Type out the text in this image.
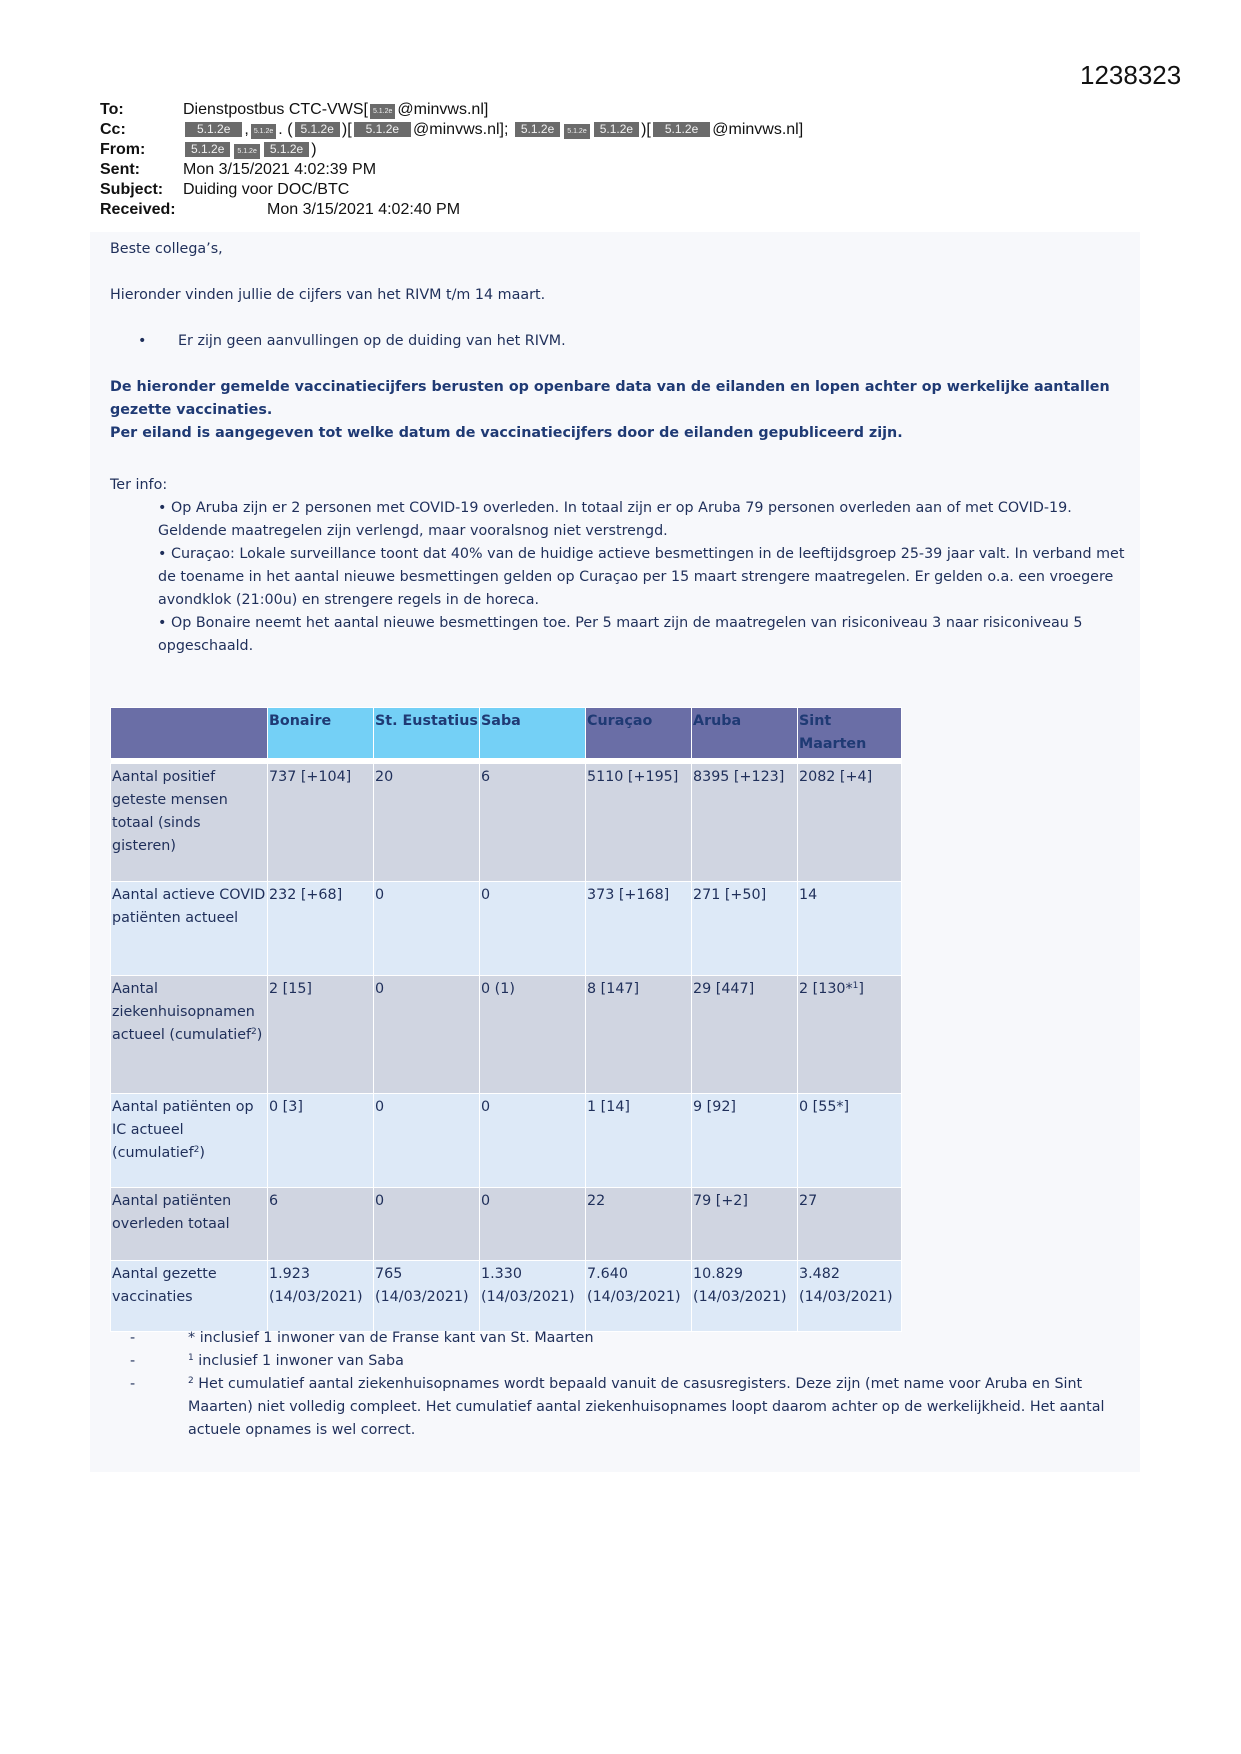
1238323
To:	Dienstpostbus CTC-VWS[ 5.1.2e @minvws.nl]
Cc:	5.1.2e , 5.1.2e . ( 5.1.2e )[ 5.1.2e @minvws.nl]; 5.1.2e 5.1.2e 5.1.2e )[ 5.1.2e @minvws.nl]
From:	5.1.2e 5.1.2e 5.1.2e )
Sent:	Mon 3/15/2021 4:02:39 PM
Subject: Duiding voor DOC/BTC
Received:	Mon 3/15/2021 4:02:40 PM

Beste collega’s,

Hieronder vinden jullie de cijfers van het RIVM t/m 14 maart.

• Er zijn geen aanvullingen op de duiding van het RIVM.

De hieronder gemelde vaccinatiecijfers berusten op openbare data van de eilanden en lopen achter op werkelijke aantallen

gezette vaccinaties.

Per eiland is aangegeven tot welke datum de vaccinatiecijfers door de eilanden gepubliceerd zijn.

Ter info:

• Op Aruba zijn er 2 personen met COVID-19 overleden. In totaal zijn er op Aruba 79 personen overleden aan of met COVID-19. Geldende maatregelen zijn verlengd, maar vooralsnog niet verstrengd.
• Curaçao: Lokale surveillance toont dat 40% van de huidige actieve besmettingen in de leeftijdsgroep 25-39 jaar valt. In verband met de toename in het aantal nieuwe besmettingen gelden op Curaçao per 15 maart strengere maatregelen. Er gelden o.a. een vroegere avondklok (21:00u) en strengere regels in de horeca.
• Op Bonaire neemt het aantal nieuwe besmettingen toe. Per 5 maart zijn de maatregelen van risiconiveau 3 naar risiconiveau 5 opgeschaald.
	Bonaire	St. Eustatius	Saba	Curaçao	Aruba	Sint Maarten

Aantal positief geteste mensen totaal (sinds gisteren)	737 [+104]	20	6	5110 [+195]	8395 [+123]	2082 [+4]
Aantal actieve COVID patiënten actueel	232 [+68]	0	0	373 [+168]	271 [+50]	14
Aantal ziekenhuisopnamen actueel (cumulatief$^2$)	2 [15]	0	0 (1)	8 [147]	29 [447]	2 [130*$^1$]
Aantal patiënten op IC actueel (cumulatief$^2$)	0 [3]	0	0	1 [14]	9 [92]	0 [55*]
Aantal patiënten overleden totaal	6	0	0	22	79 [+2]	27
Aantal gezette vaccinaties	1.923 (14/03/2021)	765 (14/03/2021)	1.330 (14/03/2021)	7.640 (14/03/2021)	10.829 (14/03/2021)	3.482 (14/03/2021)
-	* inclusief 1 inwoner van de Franse kant van St. Maarten
-	$^1$ inclusief 1 inwoner van Saba
-	$^2$ Het cumulatief aantal ziekenhuisopnames wordt bepaald vanuit de casusregisters. Deze zijn (met name voor Aruba en Sint Maarten) niet volledig compleet. Het cumulatief aantal ziekenhuisopnames loopt daarom achter op de werkelijkheid. Het aantal actuele opnames is wel correct.
